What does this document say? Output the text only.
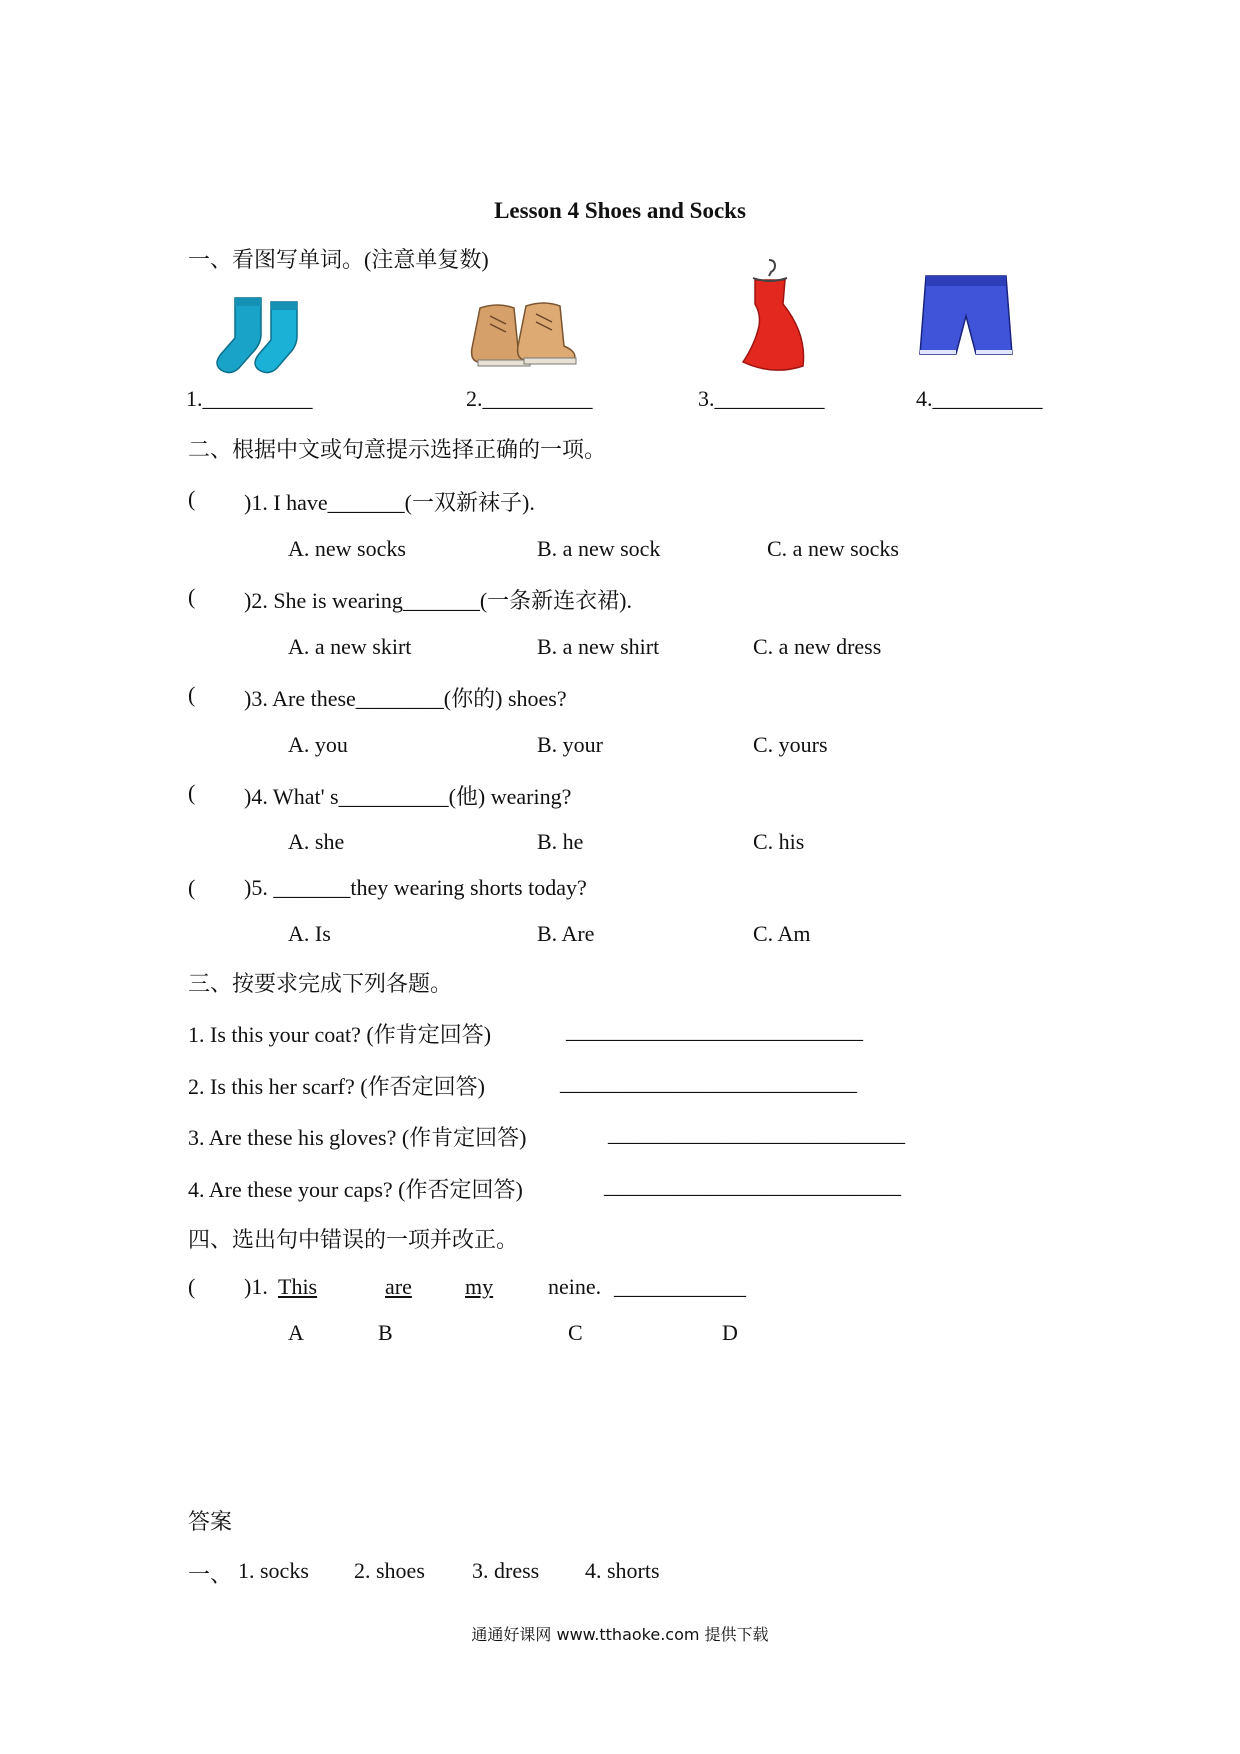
Lesson 4 Shoes and Socks
一、看图写单词。(注意单复数)
1.__________	2.__________	3.__________	4.__________
二、根据中文或句意提示选择正确的一项。
( )1. I have_______(一双新袜子).
A. new socks	B. a new sock	C. a new socks
( )2. She is wearing_______(一条新连衣裙).
A. a new skirt	B. a new shirt	C. a new dress
( )3. Are these________(你的) shoes?
A. you	B. your	C. yours
( )4. What' s__________(他) wearing?
A. she	B. he	C. his
( )5. _______they wearing shorts today?
A. Is	B. Are	C. Am
三、按要求完成下列各题。
1. Is this your coat? (作肯定回答)	___________________________
2. Is this her scarf? (作否定回答)	___________________________
3. Are these his gloves? (作肯定回答)	___________________________
4. Are these your caps? (作否定回答)	___________________________
四、选出句中错误的一项并改正。
( )1. This	are my neine. ____________
A	B	C	D
答案
一、 1. socks 2. shoes 3. dress 4. shorts
通通好课网 www.tthaoke.com 提供下载
